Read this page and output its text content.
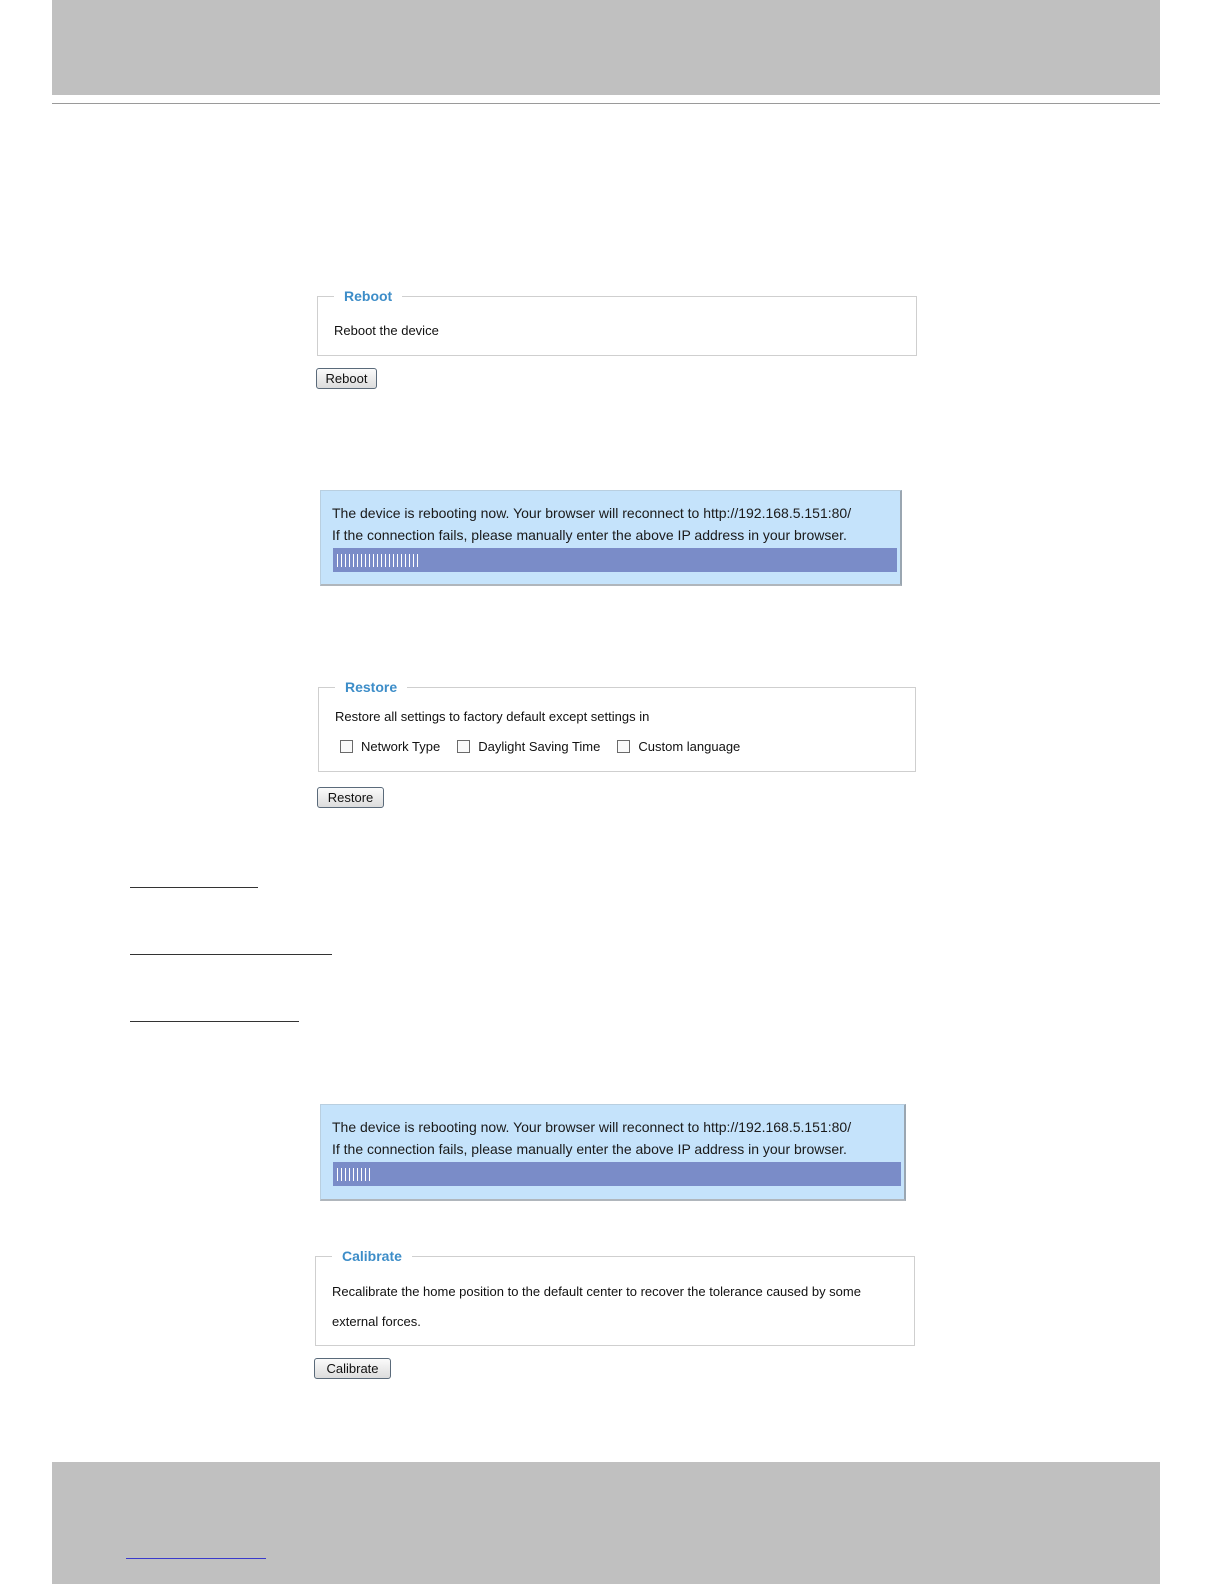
Reboot
Reboot the device
Reboot
The device is rebooting now. Your browser will reconnect to http://192.168.5.151:80/
If the connection fails, please manually enter the above IP address in your browser.
Restore
Restore all settings to factory default except settings in
Network Type	Daylight Saving Time	Custom language
Restore
The device is rebooting now. Your browser will reconnect to http://192.168.5.151:80/
If the connection fails, please manually enter the above IP address in your browser.
Calibrate
Recalibrate the home position to the default center to recover the tolerance caused by some
external forces.
Calibrate
